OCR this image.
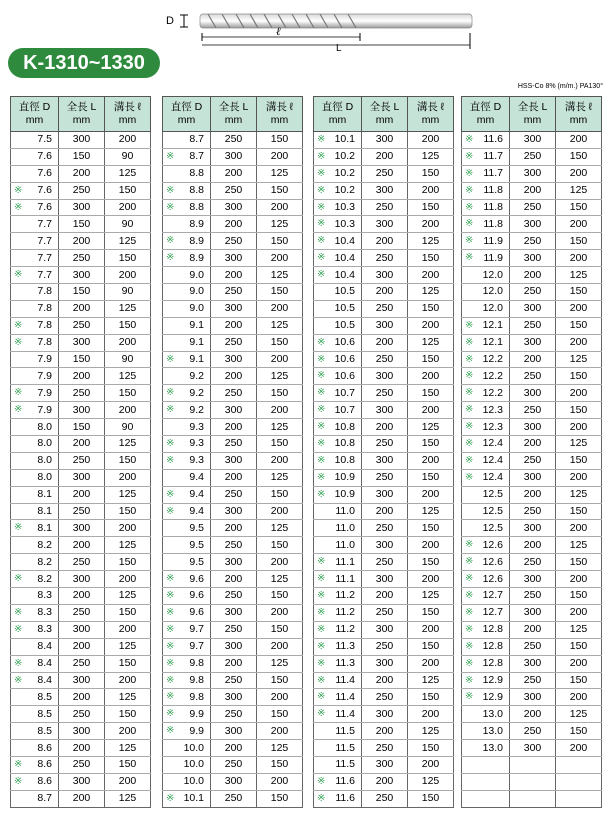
D
ℓ
L
K-1310~1330
HSS-Co 8% (m/m.) PA130°
直徑 D
mm	全長 L
mm	溝長 ℓ
mm

7.5	300	200
7.6	150	90
7.6	200	125

※ 7.6	250	150

※ 7.6	300	200
7.7	150	90
7.7	200	125
7.7	250	150

※ 7.7	300	200
7.8	150	90
7.8	200	125

※ 7.8	250	150

※ 7.8	300	200
7.9	150	90
7.9	200	125

※ 7.9	250	150

※ 7.9	300	200
8.0	150	90
8.0	200	125
8.0	250	150
8.0	300	200
8.1	200	125
8.1	250	150

※ 8.1	300	200
8.2	200	125
8.2	250	150

※ 8.2	300	200
8.3	200	125

※ 8.3	250	150

※ 8.3	300	200
8.4	200	125

※ 8.4	250	150

※ 8.4	300	200
8.5	200	125
8.5	250	150
8.5	300	200
8.6	200	125

※ 8.6	250	150

※ 8.6	300	200
8.7	200	125
直徑 D
mm	全長 L
mm	溝長 ℓ
mm

8.7	250	150

※ 8.7	300	200
8.8	200	125

※ 8.8	250	150

※ 8.8	300	200
8.9	200	125

※ 8.9	250	150

※ 8.9	300	200
9.0	200	125
9.0	250	150
9.0	300	200
9.1	200	125
9.1	250	150

※ 9.1	300	200
9.2	200	125

※ 9.2	250	150

※ 9.2	300	200
9.3	200	125

※ 9.3	250	150

※ 9.3	300	200
9.4	200	125

※ 9.4	250	150

※ 9.4	300	200
9.5	200	125
9.5	250	150
9.5	300	200

※ 9.6	200	125

※ 9.6	250	150

※ 9.6	300	200

※ 9.7	250	150

※ 9.7	300	200

※ 9.8	200	125

※ 9.8	250	150

※ 9.8	300	200

※ 9.9	250	150

※ 9.9	300	200
10.0	200	125
10.0	250	150
10.0	300	200

※ 10.1	250	150
直徑 D
mm	全長 L
mm	溝長 ℓ
mm

※ 10.1	300	200

※ 10.2	200	125

※ 10.2	250	150

※ 10.2	300	200

※ 10.3	250	150

※ 10.3	300	200

※ 10.4	200	125

※ 10.4	250	150

※ 10.4	300	200
10.5	200	125
10.5	250	150
10.5	300	200

※ 10.6	200	125

※ 10.6	250	150

※ 10.6	300	200

※ 10.7	250	150

※ 10.7	300	200

※ 10.8	200	125

※ 10.8	250	150

※ 10.8	300	200

※ 10.9	250	150

※ 10.9	300	200
11.0	200	125
11.0	250	150
11.0	300	200

※ 11.1	250	150

※ 11.1	300	200

※ 11.2	200	125

※ 11.2	250	150

※ 11.2	300	200

※ 11.3	250	150

※ 11.3	300	200

※ 11.4	200	125

※ 11.4	250	150

※ 11.4	300	200
11.5	200	125
11.5	250	150
11.5	300	200

※ 11.6	200	125

※ 11.6	250	150
直徑 D
mm	全長 L
mm	溝長 ℓ
mm

※ 11.6	300	200

※ 11.7	250	150

※ 11.7	300	200

※ 11.8	200	125

※ 11.8	250	150

※ 11.8	300	200

※ 11.9	250	150

※ 11.9	300	200
12.0	200	125
12.0	250	150
12.0	300	200

※ 12.1	250	150

※ 12.1	300	200

※ 12.2	200	125

※ 12.2	250	150

※ 12.2	300	200

※ 12.3	250	150

※ 12.3	300	200

※ 12.4	200	125

※ 12.4	250	150

※ 12.4	300	200
12.5	200	125
12.5	250	150
12.5	300	200

※ 12.6	200	125

※ 12.6	250	150

※ 12.6	300	200

※ 12.7	250	150

※ 12.7	300	200

※ 12.8	200	125

※ 12.8	250	150

※ 12.8	300	200

※ 12.9	250	150

※ 12.9	300	200
13.0	200	125
13.0	250	150
13.0	300	200
